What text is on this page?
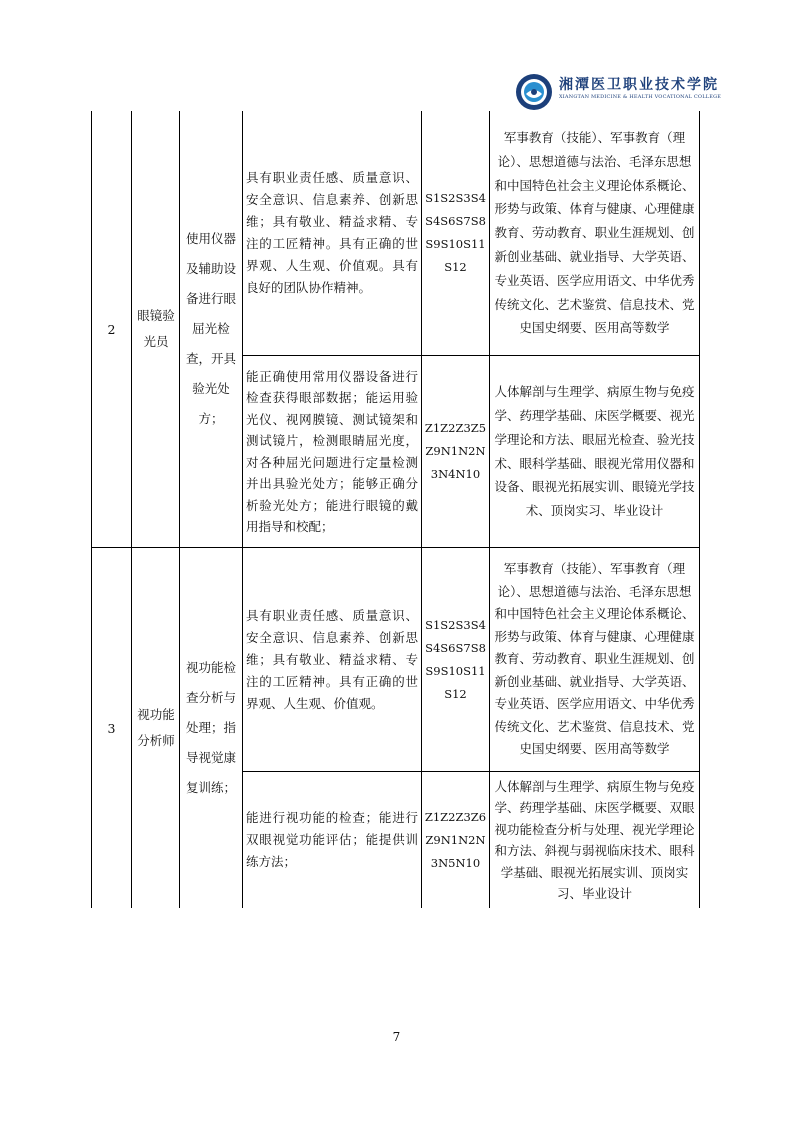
湘潭医卫职业技术学院
XIANGTAN MEDICINE & HEALTH VOCATIONAL COLLEGE
2
眼镜验光员
使用仪器及辅助设备进行眼屈光检查，开具验光处方；
具有职业责任感、质量意识、安全意识、信息素养、创新思维；具有敬业、精益求精、专注的工匠精神。具有正确的世界观、人生观、价值观。具有良好的团队协作精神。
S1S2S3S4S4S6S7S8S9S10S11S12
军事教育（技能）、军事教育（理论）、思想道德与法治、毛泽东思想和中国特色社会主义理论体系概论、形势与政策、体育与健康、心理健康教育、劳动教育、职业生涯规划、创新创业基础、就业指导、大学英语、专业英语、医学应用语文、中华优秀传统文化、艺术鉴赏、信息技术、党史国史纲要、医用高等数学
能正确使用常用仪器设备进行检查获得眼部数据；能运用验光仪、视网膜镜、测试镜架和测试镜片，检测眼睛屈光度，对各种屈光问题进行定量检测并出具验光处方；能够正确分析验光处方；能进行眼镜的戴用指导和校配；
Z1Z2Z3Z5Z9N1N2N3N4N10
人体解剖与生理学、病原生物与免疫学、药理学基础、床医学概要、视光学理论和方法、眼屈光检查、验光技术、眼科学基础、眼视光常用仪器和设备、眼视光拓展实训、眼镜光学技术、顶岗实习、毕业设计
3
视功能分析师
视功能检查分析与处理；指导视觉康复训练；
具有职业责任感、质量意识、安全意识、信息素养、创新思维；具有敬业、精益求精、专注的工匠精神。具有正确的世界观、人生观、价值观。
S1S2S3S4S4S6S7S8S9S10S11S12
军事教育（技能）、军事教育（理论）、思想道德与法治、毛泽东思想和中国特色社会主义理论体系概论、形势与政策、体育与健康、心理健康教育、劳动教育、职业生涯规划、创新创业基础、就业指导、大学英语、专业英语、医学应用语文、中华优秀传统文化、艺术鉴赏、信息技术、党史国史纲要、医用高等数学
能进行视功能的检查；能进行双眼视觉功能评估；能提供训练方法；
Z1Z2Z3Z6Z9N1N2N3N5N10
人体解剖与生理学、病原生物与免疫学、药理学基础、床医学概要、双眼视功能检查分析与处理、视光学理论和方法、斜视与弱视临床技术、眼科学基础、眼视光拓展实训、顶岗实习、毕业设计
7
